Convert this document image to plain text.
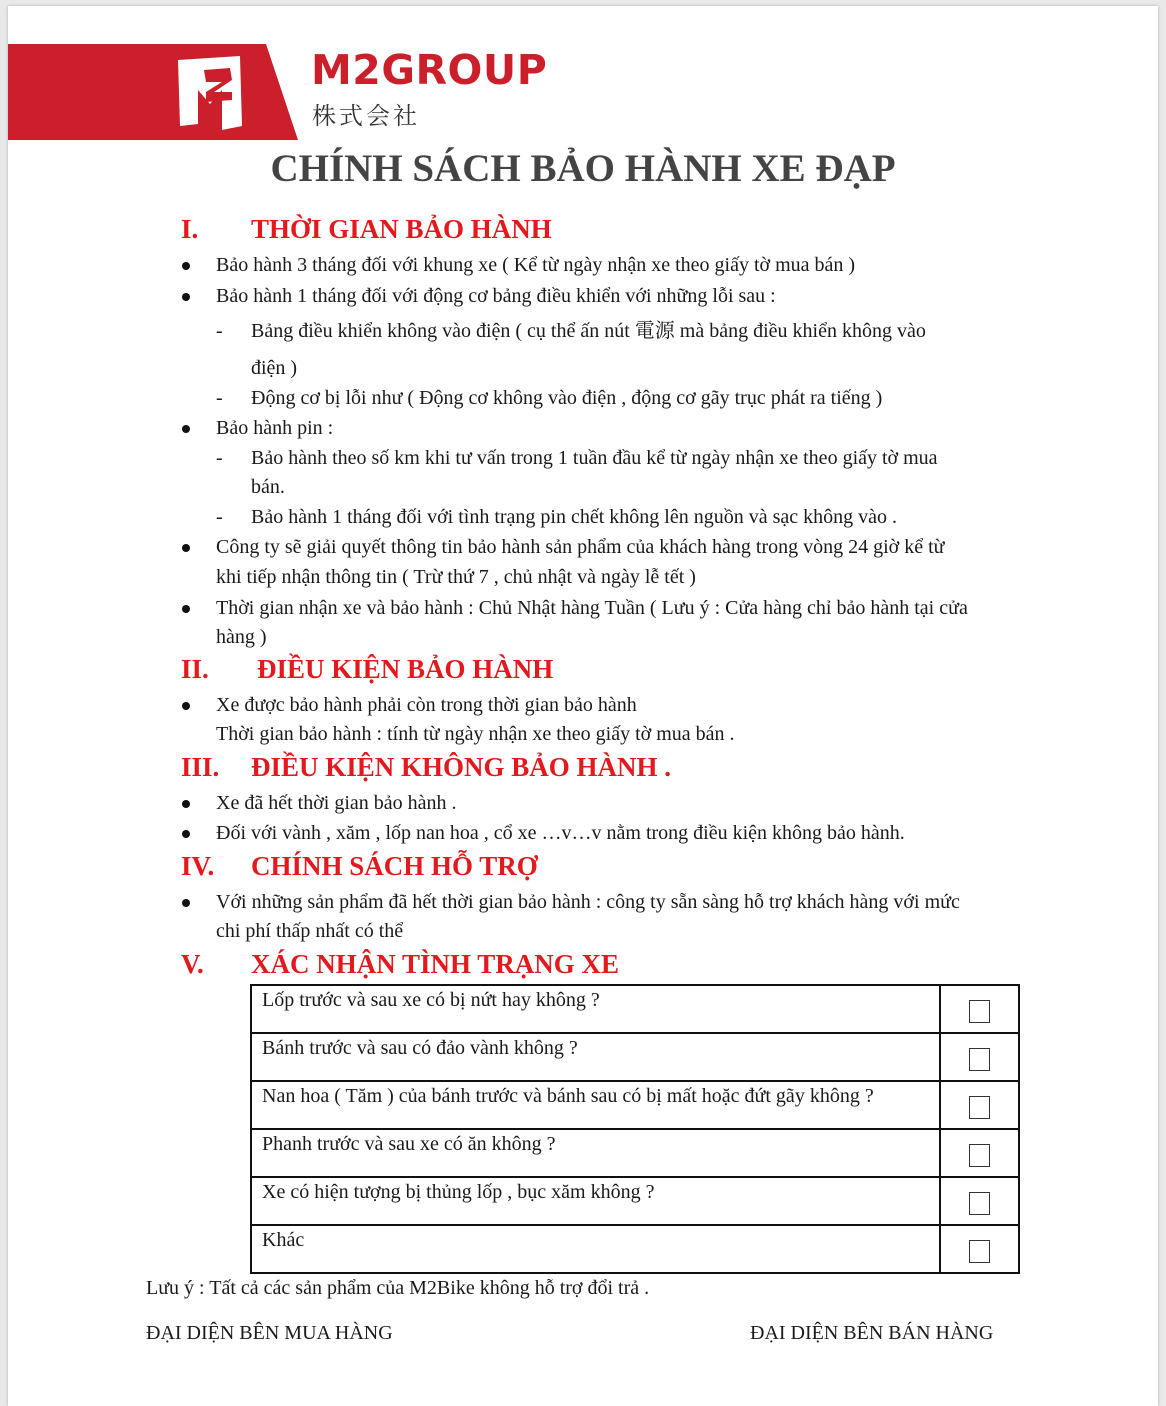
M2GROUP
株式会社
CHÍNH SÁCH BẢO HÀNH XE ĐẠP
I. THỜI GIAN BẢO HÀNH
Bảo hành 3 tháng đối với khung xe ( Kể từ ngày nhận xe theo giấy tờ mua bán )
Bảo hành 1 tháng đối với động cơ bảng điều khiển với những lỗi sau :
- Bảng điều khiển không vào điện ( cụ thể ấn nút 電源 mà bảng điều khiển không vào
điện )
- Động cơ bị lỗi như ( Động cơ không vào điện , động cơ gãy trục phát ra tiếng )
Bảo hành pin :
- Bảo hành theo số km khi tư vấn trong 1 tuần đầu kể từ ngày nhận xe theo giấy tờ mua
bán.
- Bảo hành 1 tháng đối với tình trạng pin chết không lên nguồn và sạc không vào .
Công ty sẽ giải quyết thông tin bảo hành sản phẩm của khách hàng trong vòng 24 giờ kể từ
khi tiếp nhận thông tin ( Trừ thứ 7 , chủ nhật và ngày lễ tết )
Thời gian nhận xe và bảo hành : Chủ Nhật hàng Tuần ( Lưu ý : Cửa hàng chỉ bảo hành tại cửa
hàng )
II. ĐIỀU KIỆN BẢO HÀNH
Xe được bảo hành phải còn trong thời gian bảo hành
Thời gian bảo hành : tính từ ngày nhận xe theo giấy tờ mua bán .
III. ĐIỀU KIỆN KHÔNG BẢO HÀNH .
Xe đã hết thời gian bảo hành .
Đối với vành , xăm , lốp nan hoa , cổ xe …v…v nằm trong điều kiện không bảo hành.
IV. CHÍNH SÁCH HỖ TRỢ
Với những sản phẩm đã hết thời gian bảo hành : công ty sẵn sàng hỗ trợ khách hàng với mức
chi phí thấp nhất có thể
V. XÁC NHẬN TÌNH TRẠNG XE
Lốp trước và sau xe có bị nứt hay không ?	
Bánh trước và sau có đảo vành không ?	
Nan hoa ( Tăm ) của bánh trước và bánh sau có bị mất hoặc đứt gãy không ?	
Phanh trước và sau xe có ăn không ?	
Xe có hiện tượng bị thủng lốp , bục xăm không ?	
Khác	
Lưu ý : Tất cả các sản phẩm của M2Bike không hỗ trợ đổi trả .
ĐẠI DIỆN BÊN MUA HÀNG	ĐẠI DIỆN BÊN BÁN HÀNG
